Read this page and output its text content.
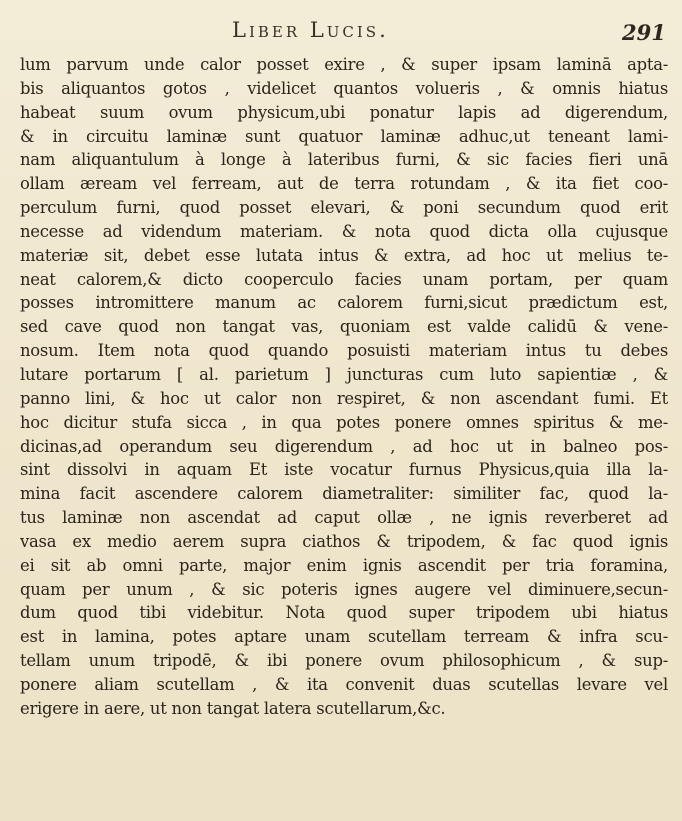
Liber Lucis.	291
lum parvum unde calor posset exire , & super ipsam laminā apta-
bis aliquantos gotos , videlicet quantos volueris , & omnis hiatus
habeat suum ovum physicum,ubi ponatur lapis ad digerendum,
& in circuitu laminæ sunt quatuor laminæ adhuc,ut teneant lami-
nam aliquantulum à longe à lateribus furni, & sic facies fieri unā
ollam æream vel ferream, aut de terra rotundam , & ita fiet coo-
perculum furni, quod posset elevari, & poni secundum quod erit
necesse ad videndum materiam. & nota quod dicta olla cujusque
materiæ sit, debet esse lutata intus & extra, ad hoc ut melius te-
neat calorem,& dicto cooperculo facies unam portam, per quam
posses intromittere manum ac calorem furni,sicut prædictum est,
sed cave quod non tangat vas, quoniam est valde calidū & vene-
nosum. Item nota quod quando posuisti materiam intus tu debes
lutare portarum [ al. parietum ] juncturas cum luto sapientiæ , &
panno lini, & hoc ut calor non respiret, & non ascendant fumi. Et
hoc dicitur stufa sicca , in qua potes ponere omnes spiritus & me-
dicinas,ad operandum seu digerendum , ad hoc ut in balneo pos-
sint dissolvi in aquam Et iste vocatur furnus Physicus,quia illa la-
mina facit ascendere calorem diametraliter: similiter fac, quod la-
tus laminæ non ascendat ad caput ollæ , ne ignis reverberet ad
vasa ex medio aerem supra ciathos & tripodem, & fac quod ignis
ei sit ab omni parte, major enim ignis ascendit per tria foramina,
quam per unum , & sic poteris ignes augere vel diminuere,secun-
dum quod tibi videbitur. Nota quod super tripodem ubi hiatus
est in lamina, potes aptare unam scutellam terream & infra scu-
tellam unum tripodē, & ibi ponere ovum philosophicum , & sup-
ponere aliam scutellam , & ita convenit duas scutellas levare vel
erigere in aere, ut non tangat latera scutellarum,&c.
